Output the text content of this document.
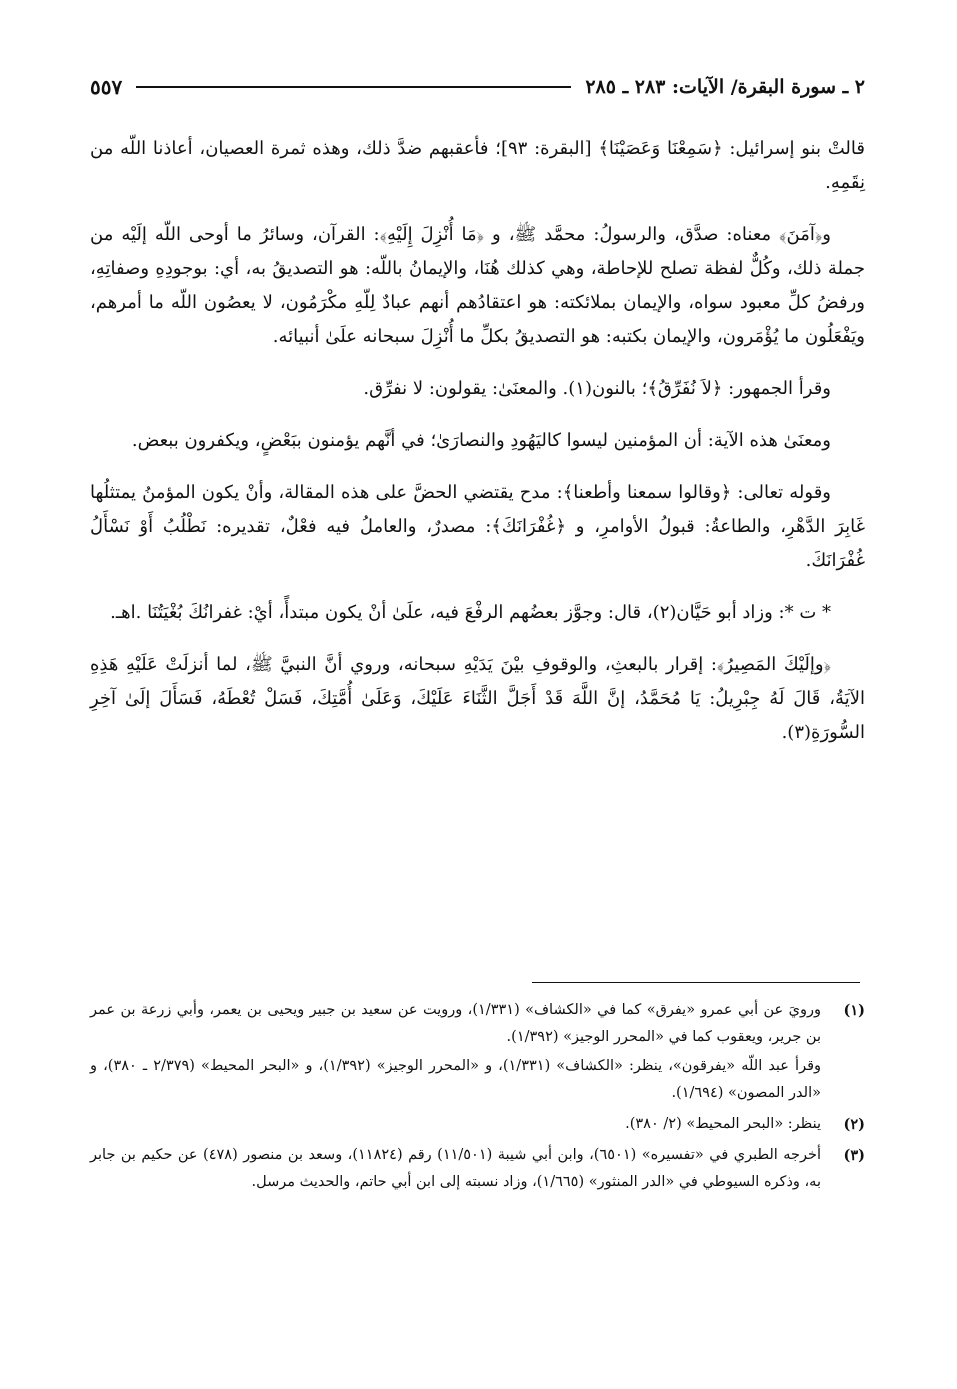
٢ ـ سورة البقرة/ الآيات: ٢٨٣ ـ ٢٨٥
٥٥٧

قالتْ بنو إسرائيل: ﴿سَمِعْنَا وَعَصَيْنَا﴾ [البقرة: ٩٣]؛ فأعقبهم ضدَّ ذلك، وهذه ثمرة العصيان، أعاذنا اللّه من نِقَمِهِ.

و﴿آمَنَ﴾ معناه: صدَّق، والرسولُ: محمَّد ﷺ، و ﴿مَا أُنْزِلَ إِلَيْهِ﴾: القرآن، وسائرُ ما أوحى اللّه إلَيْه من جملة ذلك، وكُلٌّ لفظة تصلح للإحاطة، وهي كذلك هُنَا، والإيمانُ باللّه: هو التصديقُ به، أي: بوجودِهِ وصفاتِهِ، ورفضُ كلِّ معبود سواه، والإيمان بملائكته: هو اعتقادُهم أنهم عبادٌ لِلّهِ مكْرَمُون، لا يعصُون اللّه ما أمرهم، ويَفْعَلُون ما يُؤْمَرون، والإيمان بكتبه: هو التصديقُ بكلِّ ما أُنْزِلَ سبحانه علَىٰ أنبيائه.

وقرأ الجمهور: ﴿لاَ نُفَرِّقُ﴾؛ بالنون(١). والمعنَىٰ: يقولون: لا نفرِّق.

ومعنَىٰ هذه الآية: أن المؤمنين ليسوا كاليَهُودِ والنصارَىٰ؛ في أنَّهم يؤمنون ببَعْضٍ، ويكفرون ببعض.

وقوله تعالى: ﴿وقالوا سمعنا وأطعنا﴾: مدح يقتضي الحضَّ على هذه المقالة، وأنْ يكون المؤمنُ يمتثلُها غَابِرَ الدَّهْرِ، والطاعةُ: قبولُ الأوامرِ، و ﴿غُفْرَانَكَ﴾: مصدرٌ، والعاملُ فيه فعْلٌ، تقديره: نَطْلُبُ أَوْ نَسْأَلُ غُفْرَانَكَ.

* ت *: وزاد أبو حَيَّان(٢)، قال: وجوَّز بعضُهم الرفْعَ فيه، علَىٰ أنْ يكون مبتدأً، أيْ: غفرانُكَ بُغْيَتُنَا .اهـ.

﴿وإلَيْكَ المَصِيرُ﴾: إقرار بالبعثِ، والوقوفِ بيْنَ يَدَيْهِ سبحانه، وروي أنَّ النبيَّ ﷺ، لما أنزلَتْ عَلَيْهِ هَذِهِ الآيَةُ، قَالَ لَهُ جِبْرِيلُ: يَا مُحَمَّدُ، إنَّ اللَّهَ قَدْ أَجَلَّ الثَّنَاءَ عَلَيْكَ، وَعَلَىٰ أُمَّتِكَ، فَسَلْ تُعْطَهُ، فَسَأَلَ إلَىٰ آخِرِ السُّورَةِ(٣).

(١)
ورويَ عن أبي عمرو «يفرق» كما في «الكشاف» (١/٣٣١)، ورويت عن سعيد بن جبير ويحيى بن يعمر، وأبي زرعة بن عمر بن جرير، ويعقوب كما في «المحرر الوجيز» (١/٣٩٢).
وقرأ عبد اللّه «يفرقون»، ينظر: «الكشاف» (١/٣٣١)، و «المحرر الوجيز» (١/٣٩٢)، و «البحر المحيط» (٢/٣٧٩ ـ ٣٨٠)، و «الدر المصون» (١/٦٩٤).
(٢)
ينظر: «البحر المحيط» (٢/ ٣٨٠).
(٣)
أخرجه الطبري في «تفسيره» (٦٥٠١)، وابن أبي شيبة (١١/٥٠١) رقم (١١٨٢٤)، وسعد بن منصور (٤٧٨) عن حكيم بن جابر به، وذكره السيوطي في «الدر المنثور» (١/٦٦٥)، وزاد نسبته إلى ابن أبي حاتم، والحديث مرسل.
